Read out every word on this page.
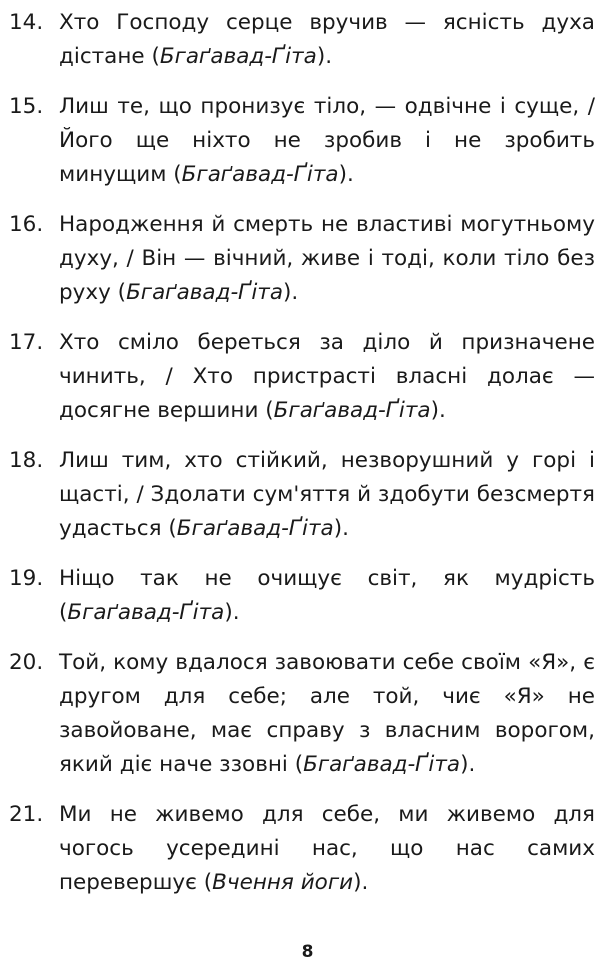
14. Хто Господу серце вручив — ясність духа дістане (Бгаґавад-Ґіта).
15. Лиш те, що пронизує тіло, — одвічне і суще, / Його ще ніхто не зробив і не зробить минущим (Бгаґавад-Ґіта).
16. Народження й смерть не властиві могутньому духу, / Він — вічний, живе і тоді, коли тіло без руху (Бгаґавад-Ґіта).
17. Хто сміло береться за діло й призначене чинить, / Хто пристрасті власні долає — досягне вершини (Бгаґавад-Ґіта).
18. Лиш тим, хто стійкий, незворушний у горі і щасті, / Здолати сум'яття й здобути безсмертя удасться (Бгаґавад-Ґіта).
19. Ніщо так не очищує світ, як мудрість (Бгаґавад-Ґіта).
20. Той, кому вдалося завоювати себе своїм «Я», є другом для себе; але той, чиє «Я» не завойоване, має справу з власним ворогом, який діє наче ззовні (Бгаґавад-Ґіта).
21. Ми не живемо для себе, ми живемо для чогось усередині нас, що нас самих перевершує (Вчення йоги).
8
